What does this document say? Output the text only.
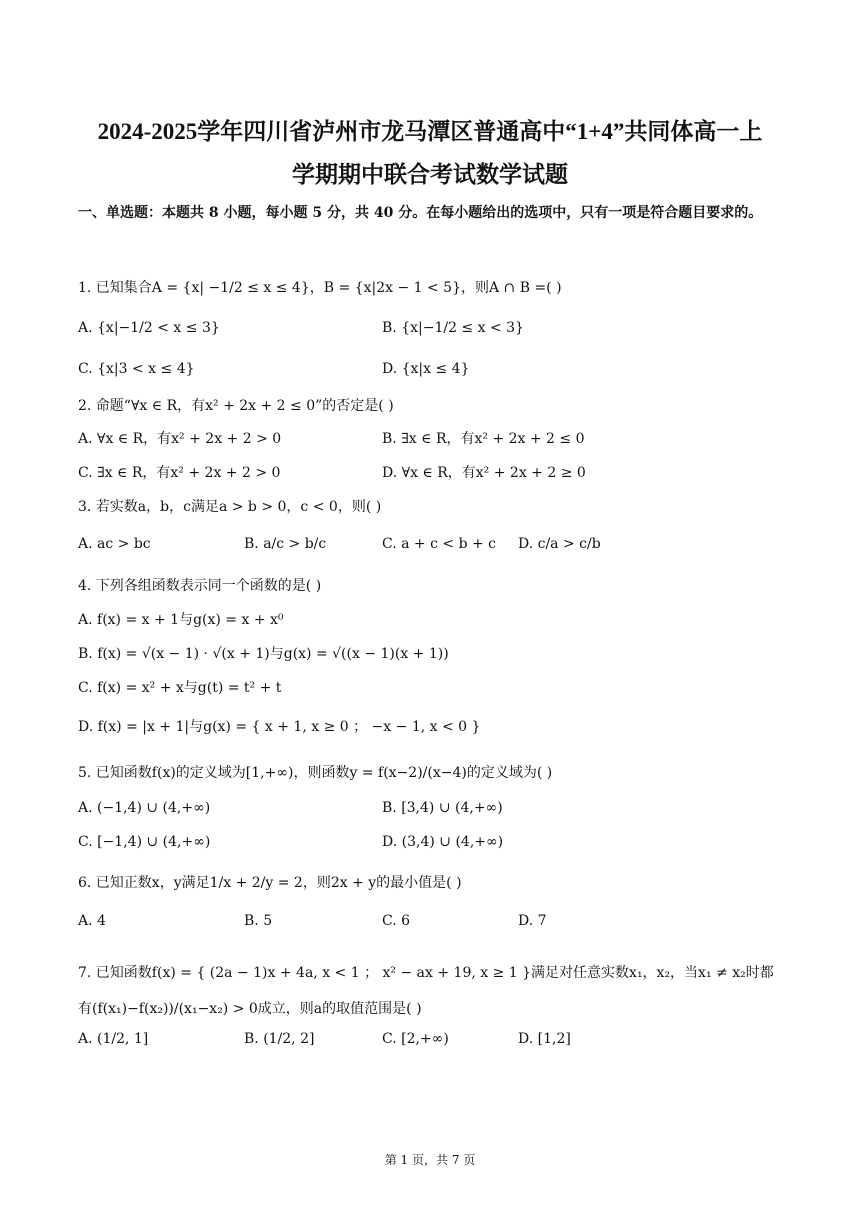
2024-2025学年四川省泸州市龙马潭区普通高中“1+4”共同体高一上
学期期中联合考试数学试题
一、单选题：本题共 8 小题，每小题 5 分，共 40 分。在每小题给出的选项中，只有一项是符合题目要求的。
1. 已知集合A = {x| −1/2 ≤ x ≤ 4}，B = {x|2x − 1 < 5}，则A ∩ B =( )
A. {x|−1/2 < x ≤ 3}	B. {x|−1/2 ≤ x < 3}
C. {x|3 < x ≤ 4}	D. {x|x ≤ 4}
2. 命题“∀x ∈ R，有x² + 2x + 2 ≤ 0”的否定是( )
A. ∀x ∈ R，有x² + 2x + 2 > 0	B. ∃x ∈ R，有x² + 2x + 2 ≤ 0
C. ∃x ∈ R，有x² + 2x + 2 > 0	D. ∀x ∈ R，有x² + 2x + 2 ≥ 0
3. 若实数a，b，c满足a > b > 0，c < 0，则( )
A. ac > bc	B. a/c > b/c	C. a + c < b + c D. c/a > c/b
4. 下列各组函数表示同一个函数的是( )
A. f(x) = x + 1与g(x) = x + x⁰
B. f(x) = √(x − 1) · √(x + 1)与g(x) = √((x − 1)(x + 1))
C. f(x) = x² + x与g(t) = t² + t
D. f(x) = |x + 1|与g(x) = { x + 1, x ≥ 0 ； −x − 1, x < 0 }
5. 已知函数f(x)的定义域为[1,+∞)，则函数y = f(x−2)/(x−4)的定义域为( )
A. (−1,4) ∪ (4,+∞)	B. [3,4) ∪ (4,+∞)
C. [−1,4) ∪ (4,+∞)	D. (3,4) ∪ (4,+∞)
6. 已知正数x，y满足1/x + 2/y = 2，则2x + y的最小值是( )
A. 4	B. 5	C. 6	D. 7
7. 已知函数f(x) = { (2a − 1)x + 4a, x < 1 ； x² − ax + 19, x ≥ 1 }满足对任意实数x₁，x₂，当x₁ ≠ x₂时都有(f(x₁)−f(x₂))/(x₁−x₂) > 0成立，则a的取值范围是( )
A. (1/2, 1]	B. (1/2, 2]	C. [2,+∞)	D. [1,2]
第 1 页，共 7 页
